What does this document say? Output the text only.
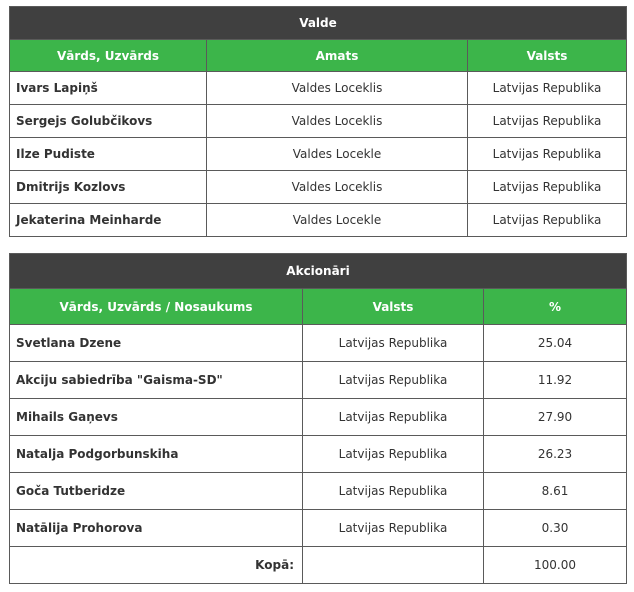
Valde		
Vārds, Uzvārds	Amats	Valsts
Ivars Lapiņš	Valdes Loceklis	Latvijas Republika
Sergejs Golubčikovs	Valdes Loceklis	Latvijas Republika
Ilze Pudiste	Valdes Locekle	Latvijas Republika
Dmitrijs Kozlovs	Valdes Loceklis	Latvijas Republika
Jekaterina Meinharde	Valdes Locekle	Latvijas Republika
Akcionāri		
Vārds, Uzvārds / Nosaukums	Valsts	%
Svetlana Dzene	Latvijas Republika	25.04
Akciju sabiedrība "Gaisma-SD"	Latvijas Republika	11.92
Mihails Gaņevs	Latvijas Republika	27.90
Natalja Podgorbunskiha	Latvijas Republika	26.23
Goča Tutberidze	Latvijas Republika	8.61
Natālija Prohorova	Latvijas Republika	0.30
Kopā:		100.00
